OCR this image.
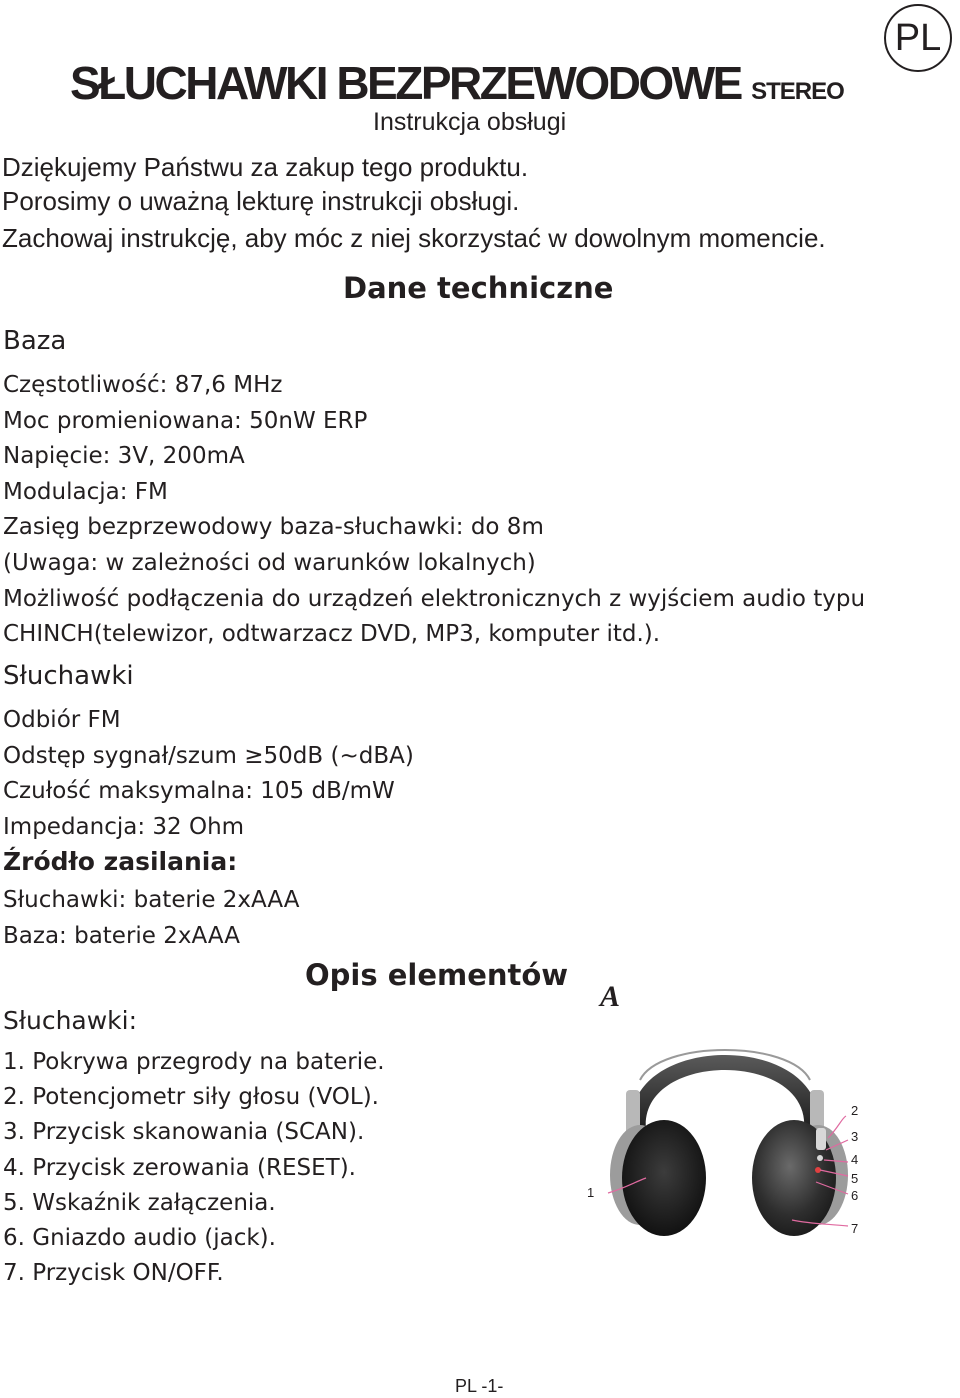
PL
SŁUCHAWKI BEZPRZEWODOWE STEREO
Instrukcja obsługi
Dziękujemy Państwu za zakup tego produktu.
Porosimy o uważną lekturę instrukcji obsługi.
Zachowaj instrukcję, aby móc z niej skorzystać w dowolnym momencie.
Dane techniczne
Baza
Częstotliwość: 87,6 MHz
Moc promieniowana: 50nW ERP
Napięcie: 3V, 200mA
Modulacja: FM
Zasięg bezprzewodowy baza-słuchawki: do 8m
(Uwaga: w zależności od warunków lokalnych)
Możliwość podłączenia do urządzeń elektronicznych z wyjściem audio typu
CHINCH(telewizor, odtwarzacz DVD, MP3, komputer itd.).
Słuchawki
Odbiór FM
Odstęp sygnał/szum ≥50dB (~dBA)
Czułość maksymalna: 105 dB/mW
Impedancja: 32 Ohm
Źródło zasilania:
Słuchawki: baterie 2xAAA
Baza: baterie 2xAAA
Opis elementów
Słuchawki:
1. Pokrywa przegrody na baterie.
2. Potencjometr siły głosu (VOL).
3. Przycisk skanowania (SCAN).
4. Przycisk zerowania (RESET).
5. Wskaźnik załączenia.
6. Gniazdo audio (jack).
7. Przycisk ON/OFF.
A
1
2
3
4
5
6
7
PL -1-
